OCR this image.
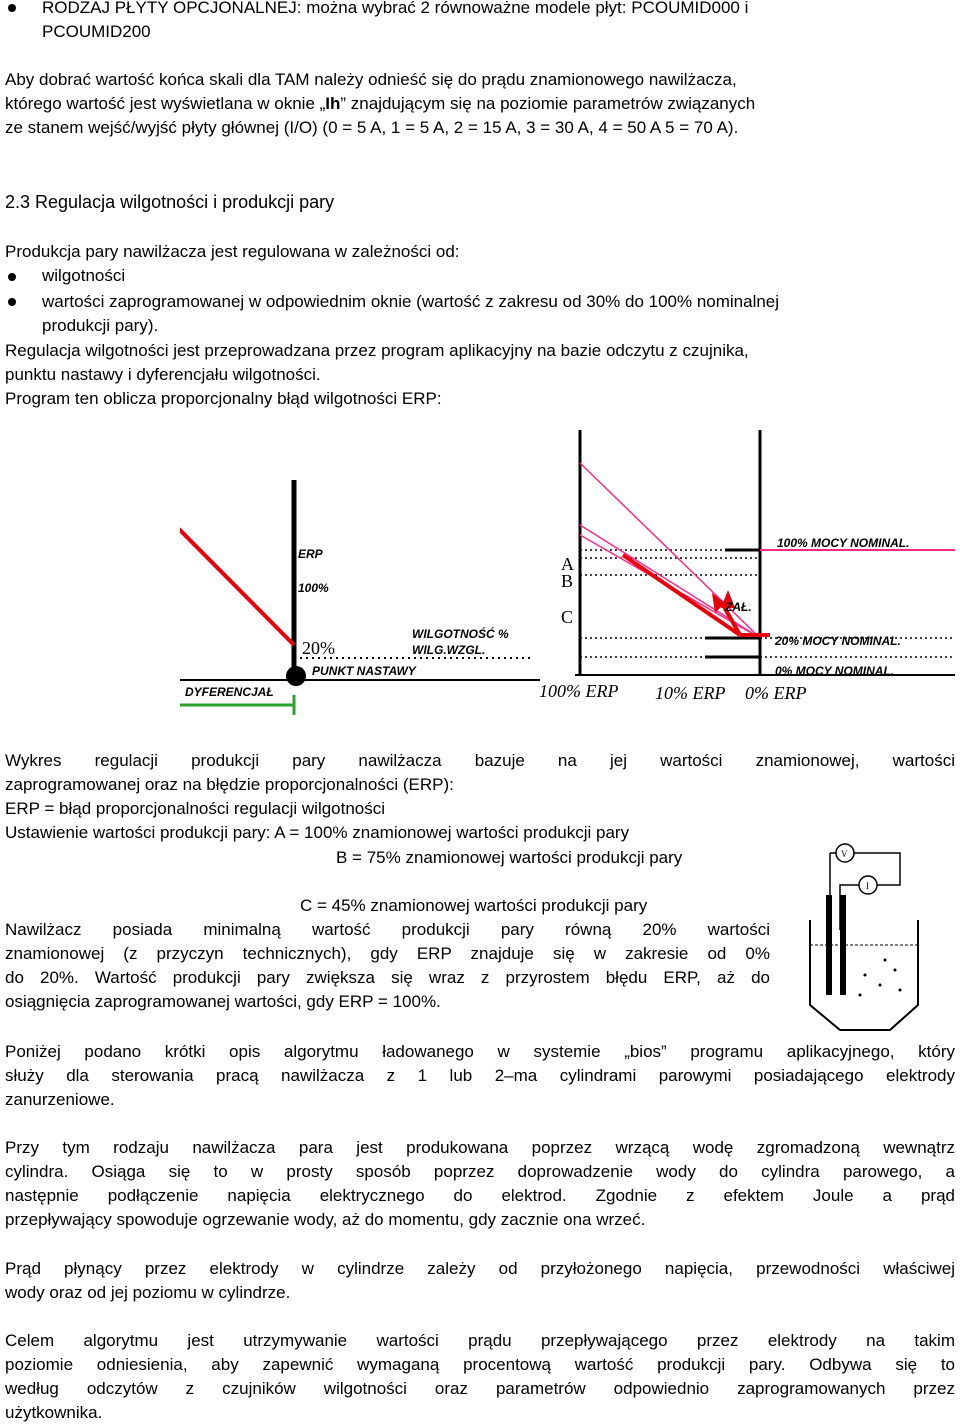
RODZAJ PŁYTY OPCJONALNEJ: można wybrać 2 równoważne modele płyt: PCOUMID000 i
PCOUMID200
Aby dobrać wartość końca skali dla TAM należy odnieść się do prądu znamionowego nawilżacza,
którego wartość jest wyświetlana w oknie „Ih” znajdującym się na poziomie parametrów związanych
ze stanem wejść/wyjść płyty głównej (I/O) (0 = 5 A, 1 = 5 A, 2 = 15 A, 3 = 30 A, 4 = 50 A 5 = 70 A).
2.3 Regulacja wilgotności i produkcji pary
Produkcja pary nawilżacza jest regulowana w zależności od:
wilgotności
wartości zaprogramowanej w odpowiednim oknie (wartość z zakresu od 30% do 100% nominalnej
produkcji pary).
Regulacja wilgotności jest przeprowadzana przez program aplikacyjny na bazie odczytu z czujnika,
punktu nastawy i dyferencjału wilgotności.
Program ten oblicza proporcjonalny błąd wilgotności ERP:
ERP
100%
20%
WILGOTNOŚĆ %
WILG.WZGL.
PUNKT NASTAWY
DYFERENCJAŁ
A
B
C
100% MOCY NOMINAL.
ZAŁ.
20% MOCY NOMINAL.
0% MOCY NOMINAL.
100% ERP 10% ERP 0% ERP
Wykres regulacji produkcji pary nawilżacza bazuje na jej wartości znamionowej, wartości
zaprogramowanej oraz na błędzie proporcjonalności (ERP):
ERP = błąd proporcjonalności regulacji wilgotności
Ustawienie wartości produkcji pary: A = 100% znamionowej wartości produkcji pary
B = 75% znamionowej wartości produkcji pary
C = 45% znamionowej wartości produkcji pary
Nawilżacz posiada minimalną wartość produkcji pary równą 20% wartości
znamionowej (z przyczyn technicznych), gdy ERP znajduje się w zakresie od 0%
do 20%. Wartość produkcji pary zwiększa się wraz z przyrostem błędu ERP, aż do
osiągnięcia zaprogramowanej wartości, gdy ERP = 100%.
V
I
Poniżej podano krótki opis algorytmu ładowanego w systemie „bios” programu aplikacyjnego, który
służy dla sterowania pracą nawilżacza z 1 lub 2–ma cylindrami parowymi posiadającego elektrody
zanurzeniowe.
Przy tym rodzaju nawilżacza para jest produkowana poprzez wrzącą wodę zgromadzoną wewnątrz
cylindra. Osiąga się to w prosty sposób poprzez doprowadzenie wody do cylindra parowego, a
następnie podłączenie napięcia elektrycznego do elektrod. Zgodnie z efektem Joule a prąd
przepływający spowoduje ogrzewanie wody, aż do momentu, gdy zacznie ona wrzeć.
Prąd płynący przez elektrody w cylindrze zależy od przyłożonego napięcia, przewodności właściwej
wody oraz od jej poziomu w cylindrze.
Celem algorytmu jest utrzymywanie wartości prądu przepływającego przez elektrody na takim
poziomie odniesienia, aby zapewnić wymaganą procentową wartość produkcji pary. Odbywa się to
według odczytów z czujników wilgotności oraz parametrów odpowiednio zaprogramowanych przez
użytkownika.
